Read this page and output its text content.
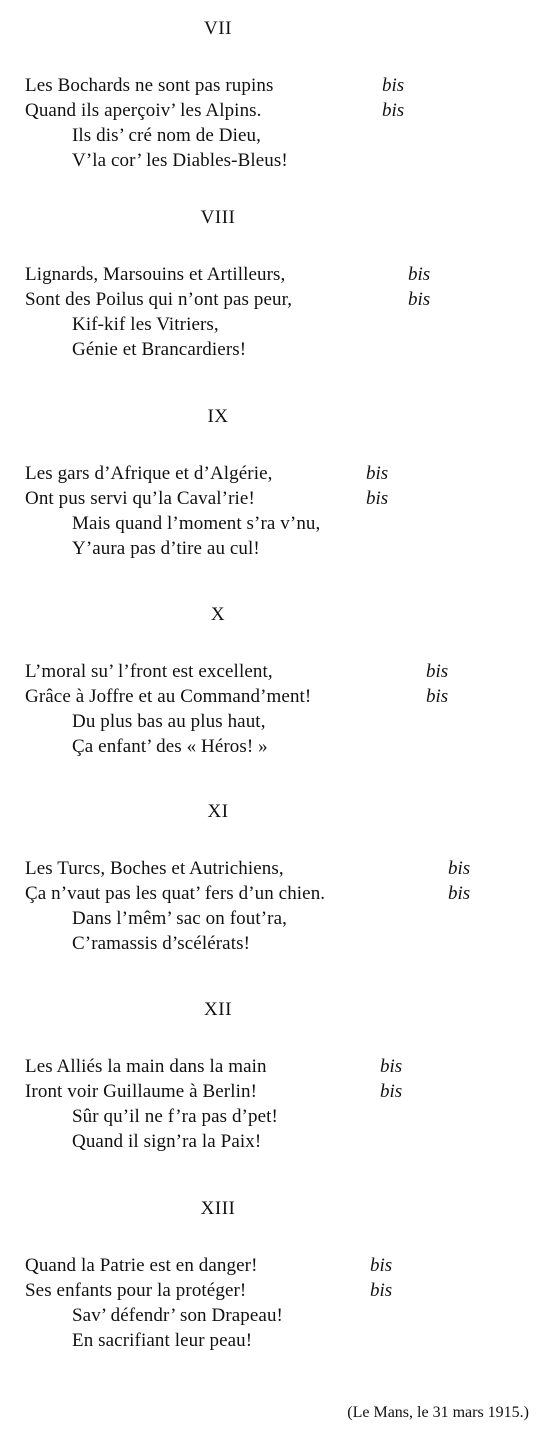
VII
Les Bochards ne sont pas rupins
Quand ils aperçoiv’ les Alpins.
Ils dis’ cré nom de Dieu,
V’la cor’ les Diables-Bleus!
bis
bis
VIII
Lignards, Marsouins et Artilleurs,
Sont des Poilus qui n’ont pas peur,
Kif-kif les Vitriers,
Génie et Brancardiers!
bis
bis
IX
Les gars d’Afrique et d’Algérie,
Ont pus servi qu’la Caval’rie!
Mais quand l’moment s’ra v’nu,
Y’aura pas d’tire au cul!
bis
bis
X
L’moral su’ l’front est excellent,
Grâce à Joffre et au Command’ment!
Du plus bas au plus haut,
Ça enfant’ des « Héros! »
bis
bis
XI
Les Turcs, Boches et Autrichiens,
Ça n’vaut pas les quat’ fers d’un chien.
Dans l’mêm’ sac on fout’ra,
C’ramassis d’scélérats!
bis
bis
XII
Les Alliés la main dans la main
Iront voir Guillaume à Berlin!
Sûr qu’il ne f’ra pas d’pet!
Quand il sign’ra la Paix!
bis
bis
XIII
Quand la Patrie est en danger!
Ses enfants pour la protéger!
Sav’ défendr’ son Drapeau!
En sacrifiant leur peau!
bis
bis
(Le Mans, le 31 mars 1915.)
